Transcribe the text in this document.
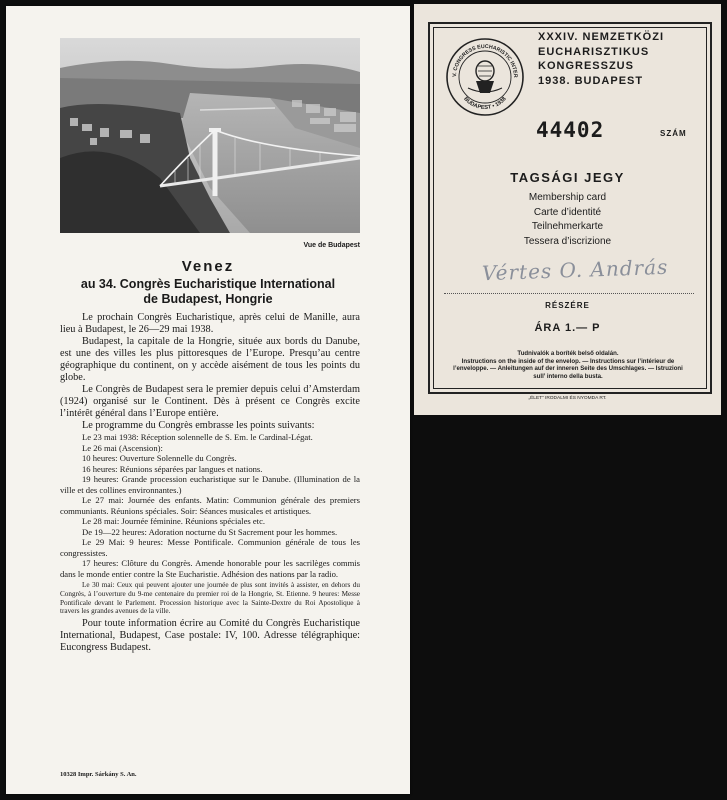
Vue de Budapest
Venez
au 34. Congrès Eucharistique International
de Budapest, Hongrie

Le prochain Congrès Eucharistique, après celui de Manille, aura lieu à Budapest, le 26—29 mai 1938.

Budapest, la capitale de la Hongrie, située aux bords du Danube, est une des villes les plus pittoresques de l’Europe. Presqu’au centre géographique du continent, on y accède aisément de tous les points du globe.

Le Congrès de Budapest sera le premier depuis celui d’Amsterdam (1924) organisé sur le Continent. Dès à présent ce Congrès excite l’intérêt général dans l’Europe entière.

Le programme du Congrès embrasse les points suivants:

Le 23 mai 1938: Réception solennelle de S. Em. le Cardinal-Légat.

Le 26 mai (Ascension):

10 heures: Ouverture Solennelle du Congrès.

16 heures: Réunions séparées par langues et nations.

19 heures: Grande procession eucharistique sur le Danube. (Illumination de la ville et des collines environnantes.)

Le 27 mai: Journée des enfants. Matin: Communion générale des premiers communiants. Réunions spéciales. Soir: Séances musicales et artistiques.

Le 28 mai: Journée féminine. Réunions spéciales etc.

De 19—22 heures: Adoration nocturne du St Sacrement pour les hommes.

Le 29 Mai: 9 heures: Messe Pontificale. Communion générale de tous les congressistes.

17 heures: Clôture du Congrès. Amende honorable pour les sacrilèges commis dans le monde entier contre la Ste Eucharistie. Adhésion des nations par la radio.

Le 30 mai: Ceux qui peuvent ajouter une journée de plus sont invités à assister, en dehors du Congrès, à l’ouverture du 9-me centenaire du premier roi de la Hongrie, St. Etienne. 9 heures: Messe Pontificale devant le Parlement. Procession historique avec la Sainte-Dextre du Roi Apostolique à travers les grandes avenues de la ville.

Pour toute information écrire au Comité du Congrès Eucharistique International, Budapest, Case postale: IV, 100. Adresse télégraphique: Eucongress Budapest.

10328 Impr. Sárkány S. An.
V. CONGRESS EUCHARISTIC INTER
BUDAPEST • 1938
XXXIV. NEMZETKÖZI
EUCHARISZTIKUS
KONGRESSZUS
1938. BUDAPEST
44402	SZÁM
TAGSÁGI JEGY
Membership card
Carte d’identité
Teilnehmerkarte
Tessera d’iscrizione
Vértes O. András
RÉSZÉRE
ÁRA 1.— P
Tudnivalók a boríték belső oldalán.
Instructions on the inside of the envelop. — Instructions sur l’intérieur de l’enveloppe. — Anleitungen auf der inneren Seite des Umschlages. — Istruzioni sull’ interno della busta.
„ÉLET” IRODALMI ÉS NYOMDA RT.
